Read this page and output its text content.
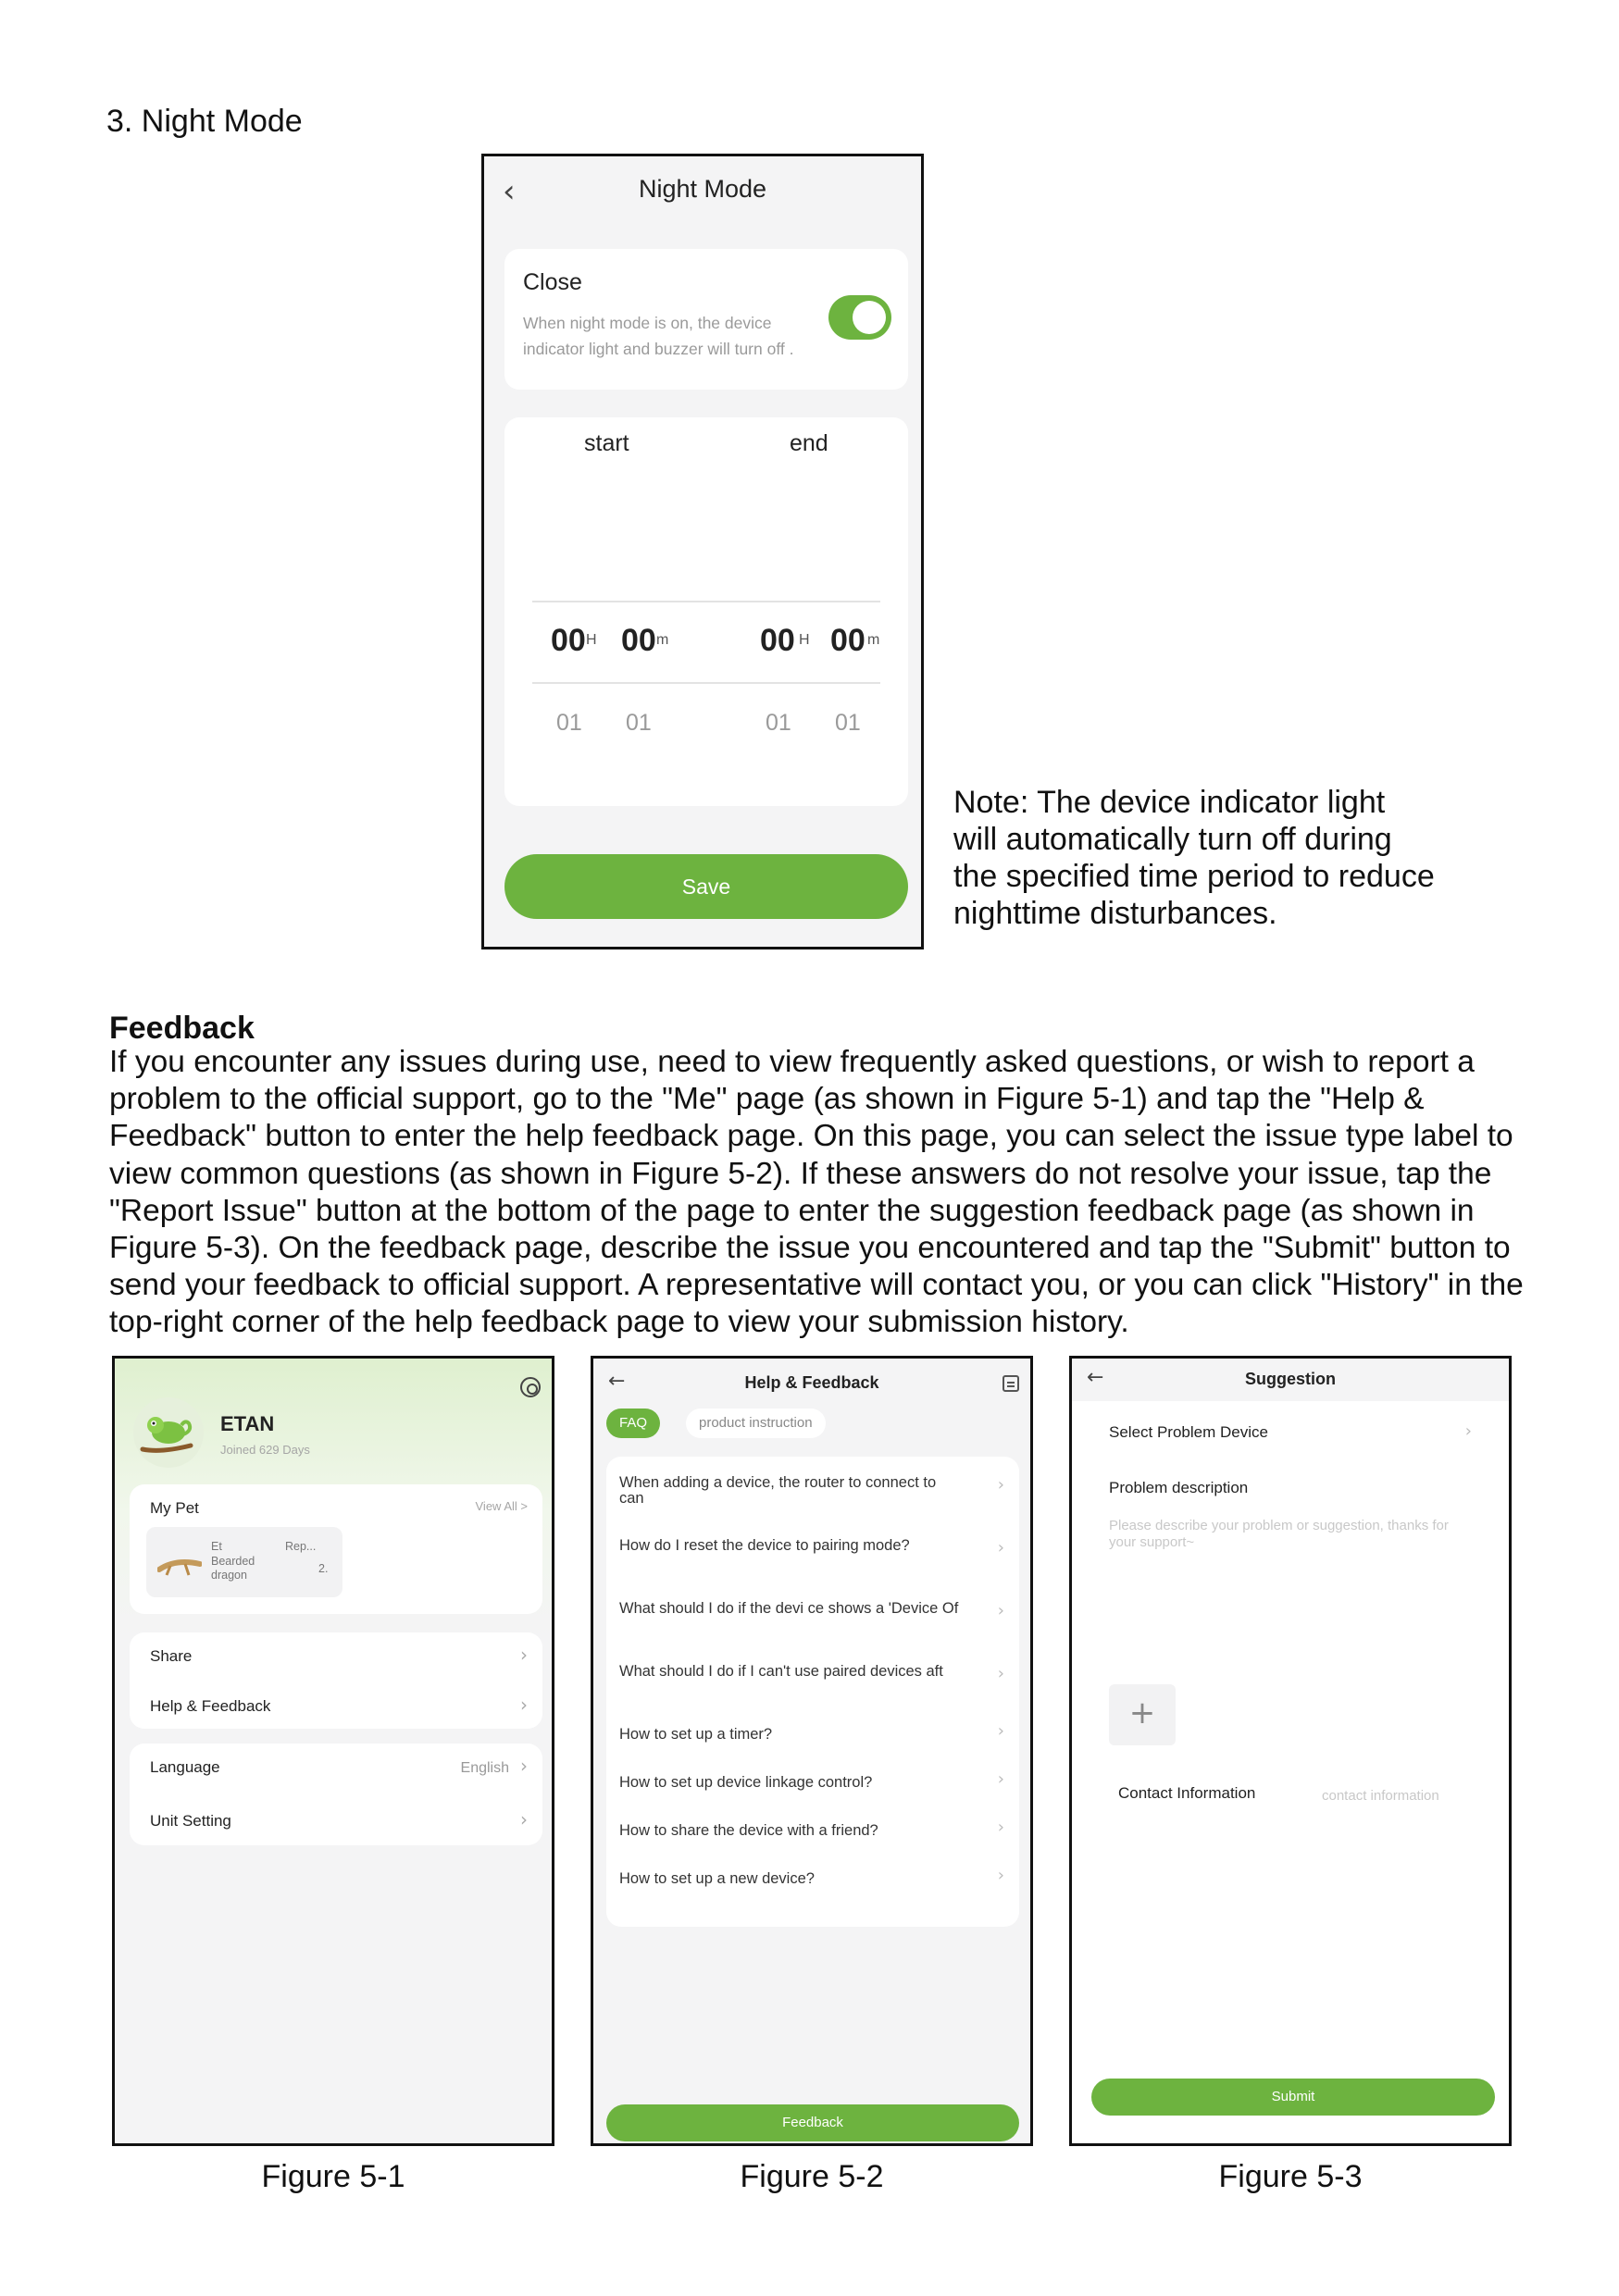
3. Night Mode
‹	Night Mode
Close
When night mode is on, the device indicator light and buzzer will turn off .
start	end
00 H 00 m	00 H 00 m
01 01	01 01
Save
Note: The device indicator light will automatically turn off during the specified time period to reduce nighttime disturbances.
Feedback
If you encounter any issues during use, need to view frequently asked questions, or wish to report a problem to the official support, go to the "Me" page (as shown in Figure 5-1) and tap the "Help & Feedback" button to enter the help feedback page. On this page, you can select the issue type label to view common questions (as shown in Figure 5-2). If these answers do not resolve your issue, tap the "Report Issue" button at the bottom of the page to enter the suggestion feedback page (as shown in Figure 5-3). On the feedback page, describe the issue you encountered and tap the "Submit" button to send your feedback to official support. A representative will contact you, or you can click "History" in the top-right corner of the help feedback page to view your submission history.
ETAN
Joined 629 Days
My Pet	View All >
Et
Bearded dragon
Rep...
2.
Share	›
Help & Feedback	›
Language	English ›
Unit Setting	›
←	Help & Feedback
FAQ	product instruction
When adding a device, the router to connect to can
›
How do I reset the device to pairing mode?	›
What should I do if the devi ce shows a 'Device Of ›
What should I do if I can't use paired devices aft	›
How to set up a timer?	›
How to set up device linkage control?	›
How to share the device with a friend?	›
How to set up a new device?	›
Feedback
←	Suggestion
Select Problem Device	›
Problem description
Please describe your problem or suggestion, thanks for your support~
+
Contact Information	contact information
Submit
Figure 5-1	Figure 5-2	Figure 5-3
